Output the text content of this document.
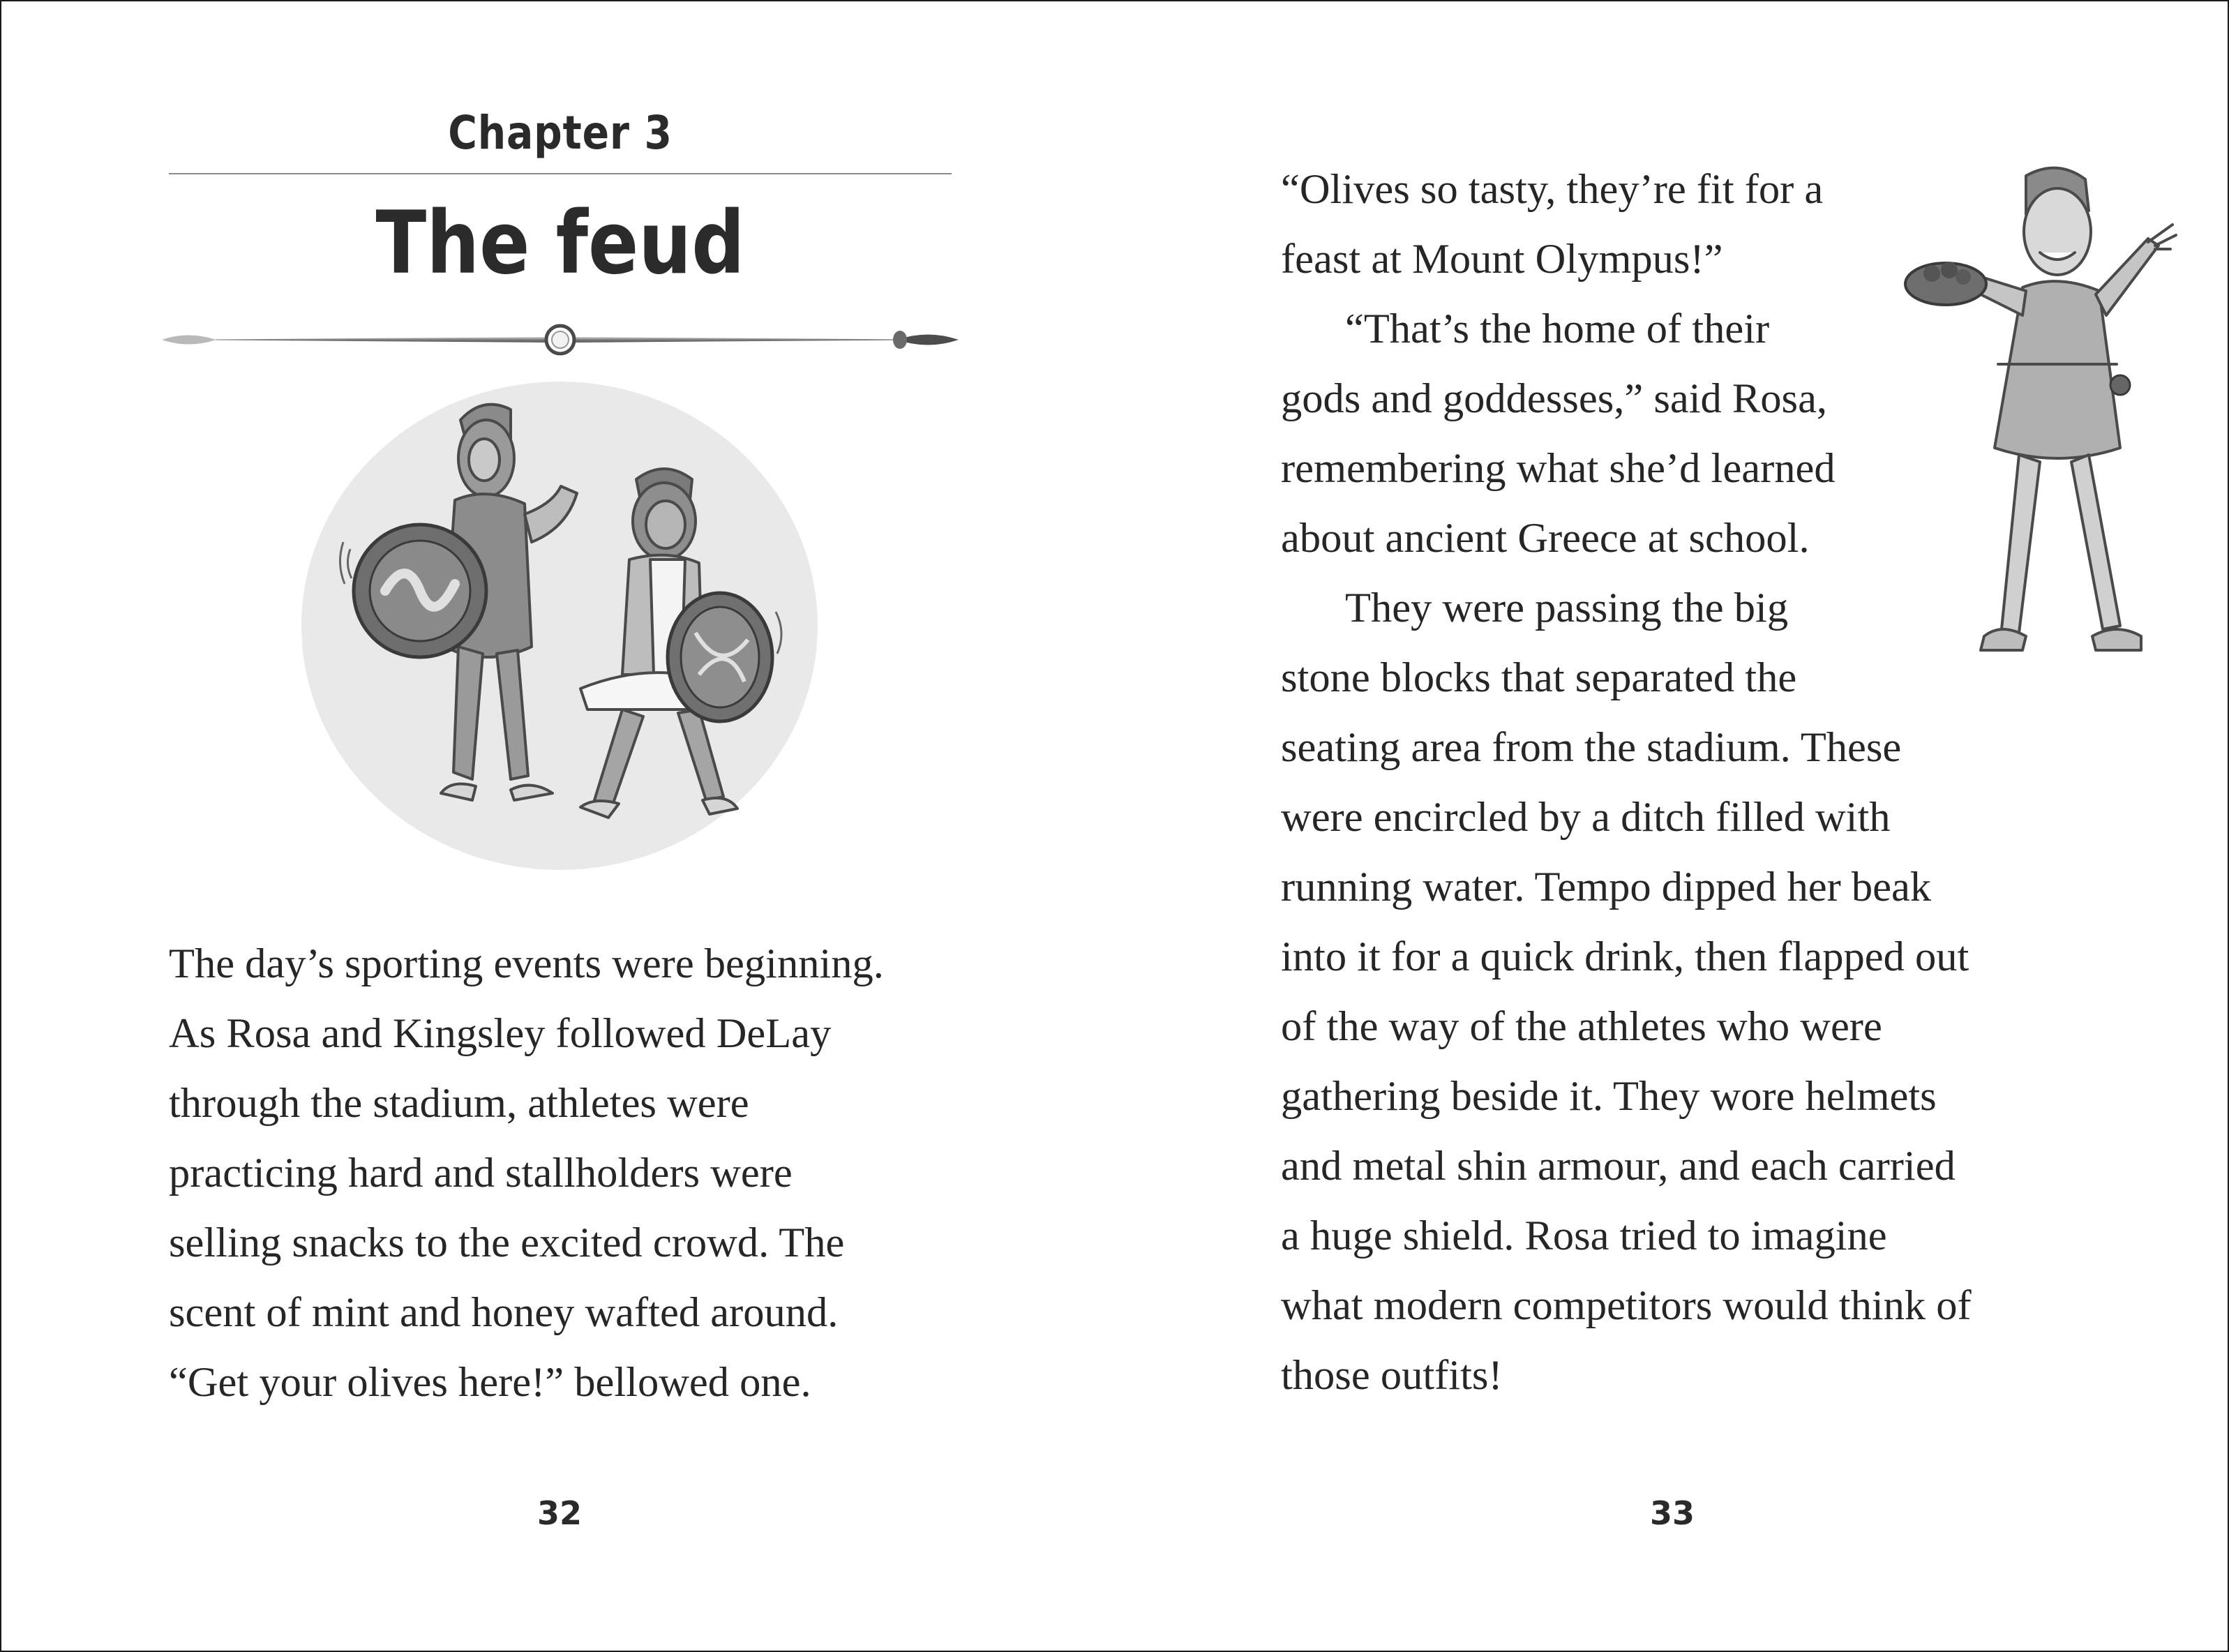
Chapter 3
The feud
The day’s sporting events were beginning.
As Rosa and Kingsley followed DeLay
through the stadium, athletes were
practicing hard and stallholders were
selling snacks to the excited crowd. The
scent of mint and honey wafted around.
“Get your olives here!” bellowed one.
32
“Olives so tasty, they’re fit for a
feast at Mount Olympus!”
“That’s the home of their
gods and goddesses,” said Rosa,
remembering what she’d learned
about ancient Greece at school.
They were passing the big
stone blocks that separated the
seating area from the stadium. These
were encircled by a ditch filled with
running water. Tempo dipped her beak
into it for a quick drink, then flapped out
of the way of the athletes who were
gathering beside it. They wore helmets
and metal shin armour, and each carried
a huge shield. Rosa tried to imagine
what modern competitors would think of
those outfits!
33
